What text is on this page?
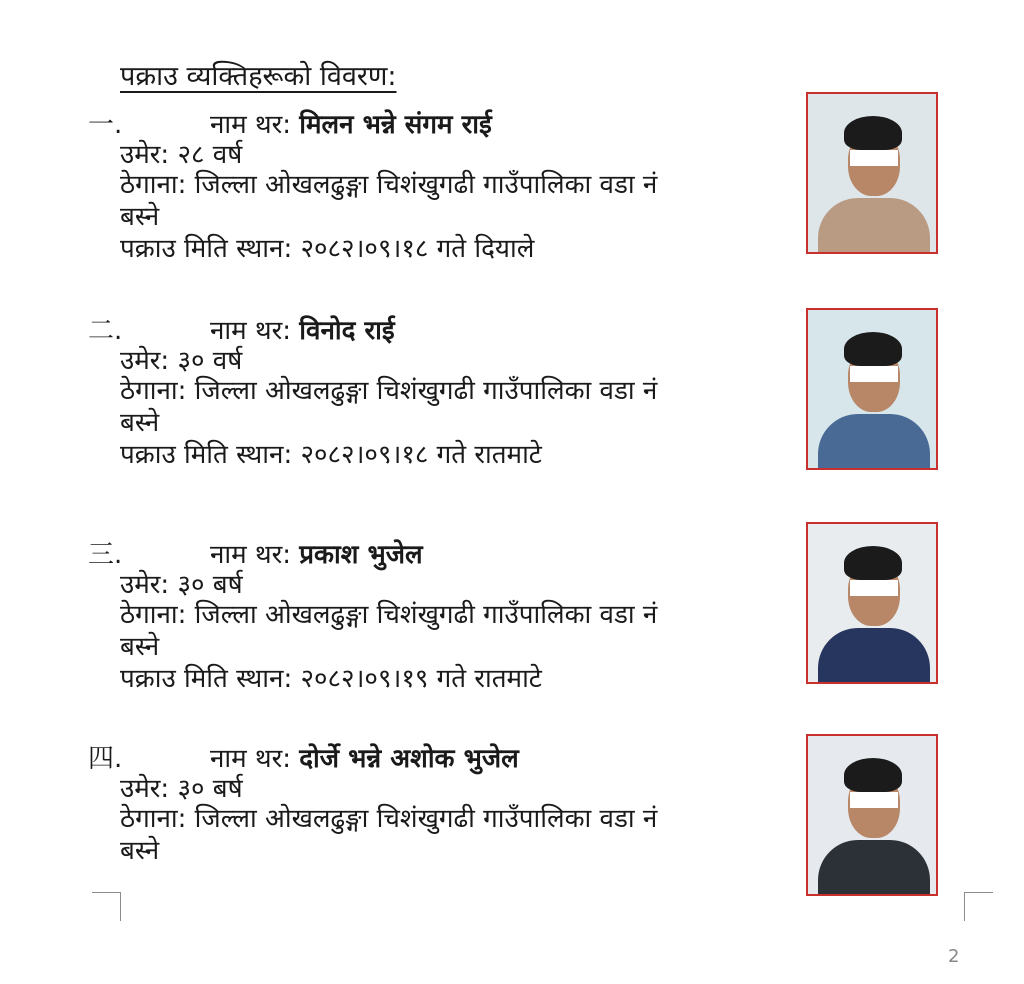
पक्राउ व्यक्तिहरूको विवरण:
一.	नाम थर: मिलन भन्ने संगम राई
उमेर: २८ वर्ष
ठेगाना: जिल्ला ओखलढुङ्गा चिशंखुगढी गाउँपालिका वडा नं
बस्ने
पक्राउ मिति स्थान: २०८२।०९।१८ गते दियाले
二.	नाम थर: विनोद राई
उमेर: ३० वर्ष
ठेगाना: जिल्ला ओखलढुङ्गा चिशंखुगढी गाउँपालिका वडा नं
बस्ने
पक्राउ मिति स्थान: २०८२।०९।१८ गते रातमाटे
三.	नाम थर: प्रकाश भुजेल
उमेर: ३० बर्ष
ठेगाना: जिल्ला ओखलढुङ्गा चिशंखुगढी गाउँपालिका वडा नं
बस्ने
पक्राउ मिति स्थान: २०८२।०९।१९ गते रातमाटे
四.	नाम थर: दोर्जे भन्ने अशोक भुजेल
उमेर: ३० बर्ष
ठेगाना: जिल्ला ओखलढुङ्गा चिशंखुगढी गाउँपालिका वडा नं
बस्ने
2
